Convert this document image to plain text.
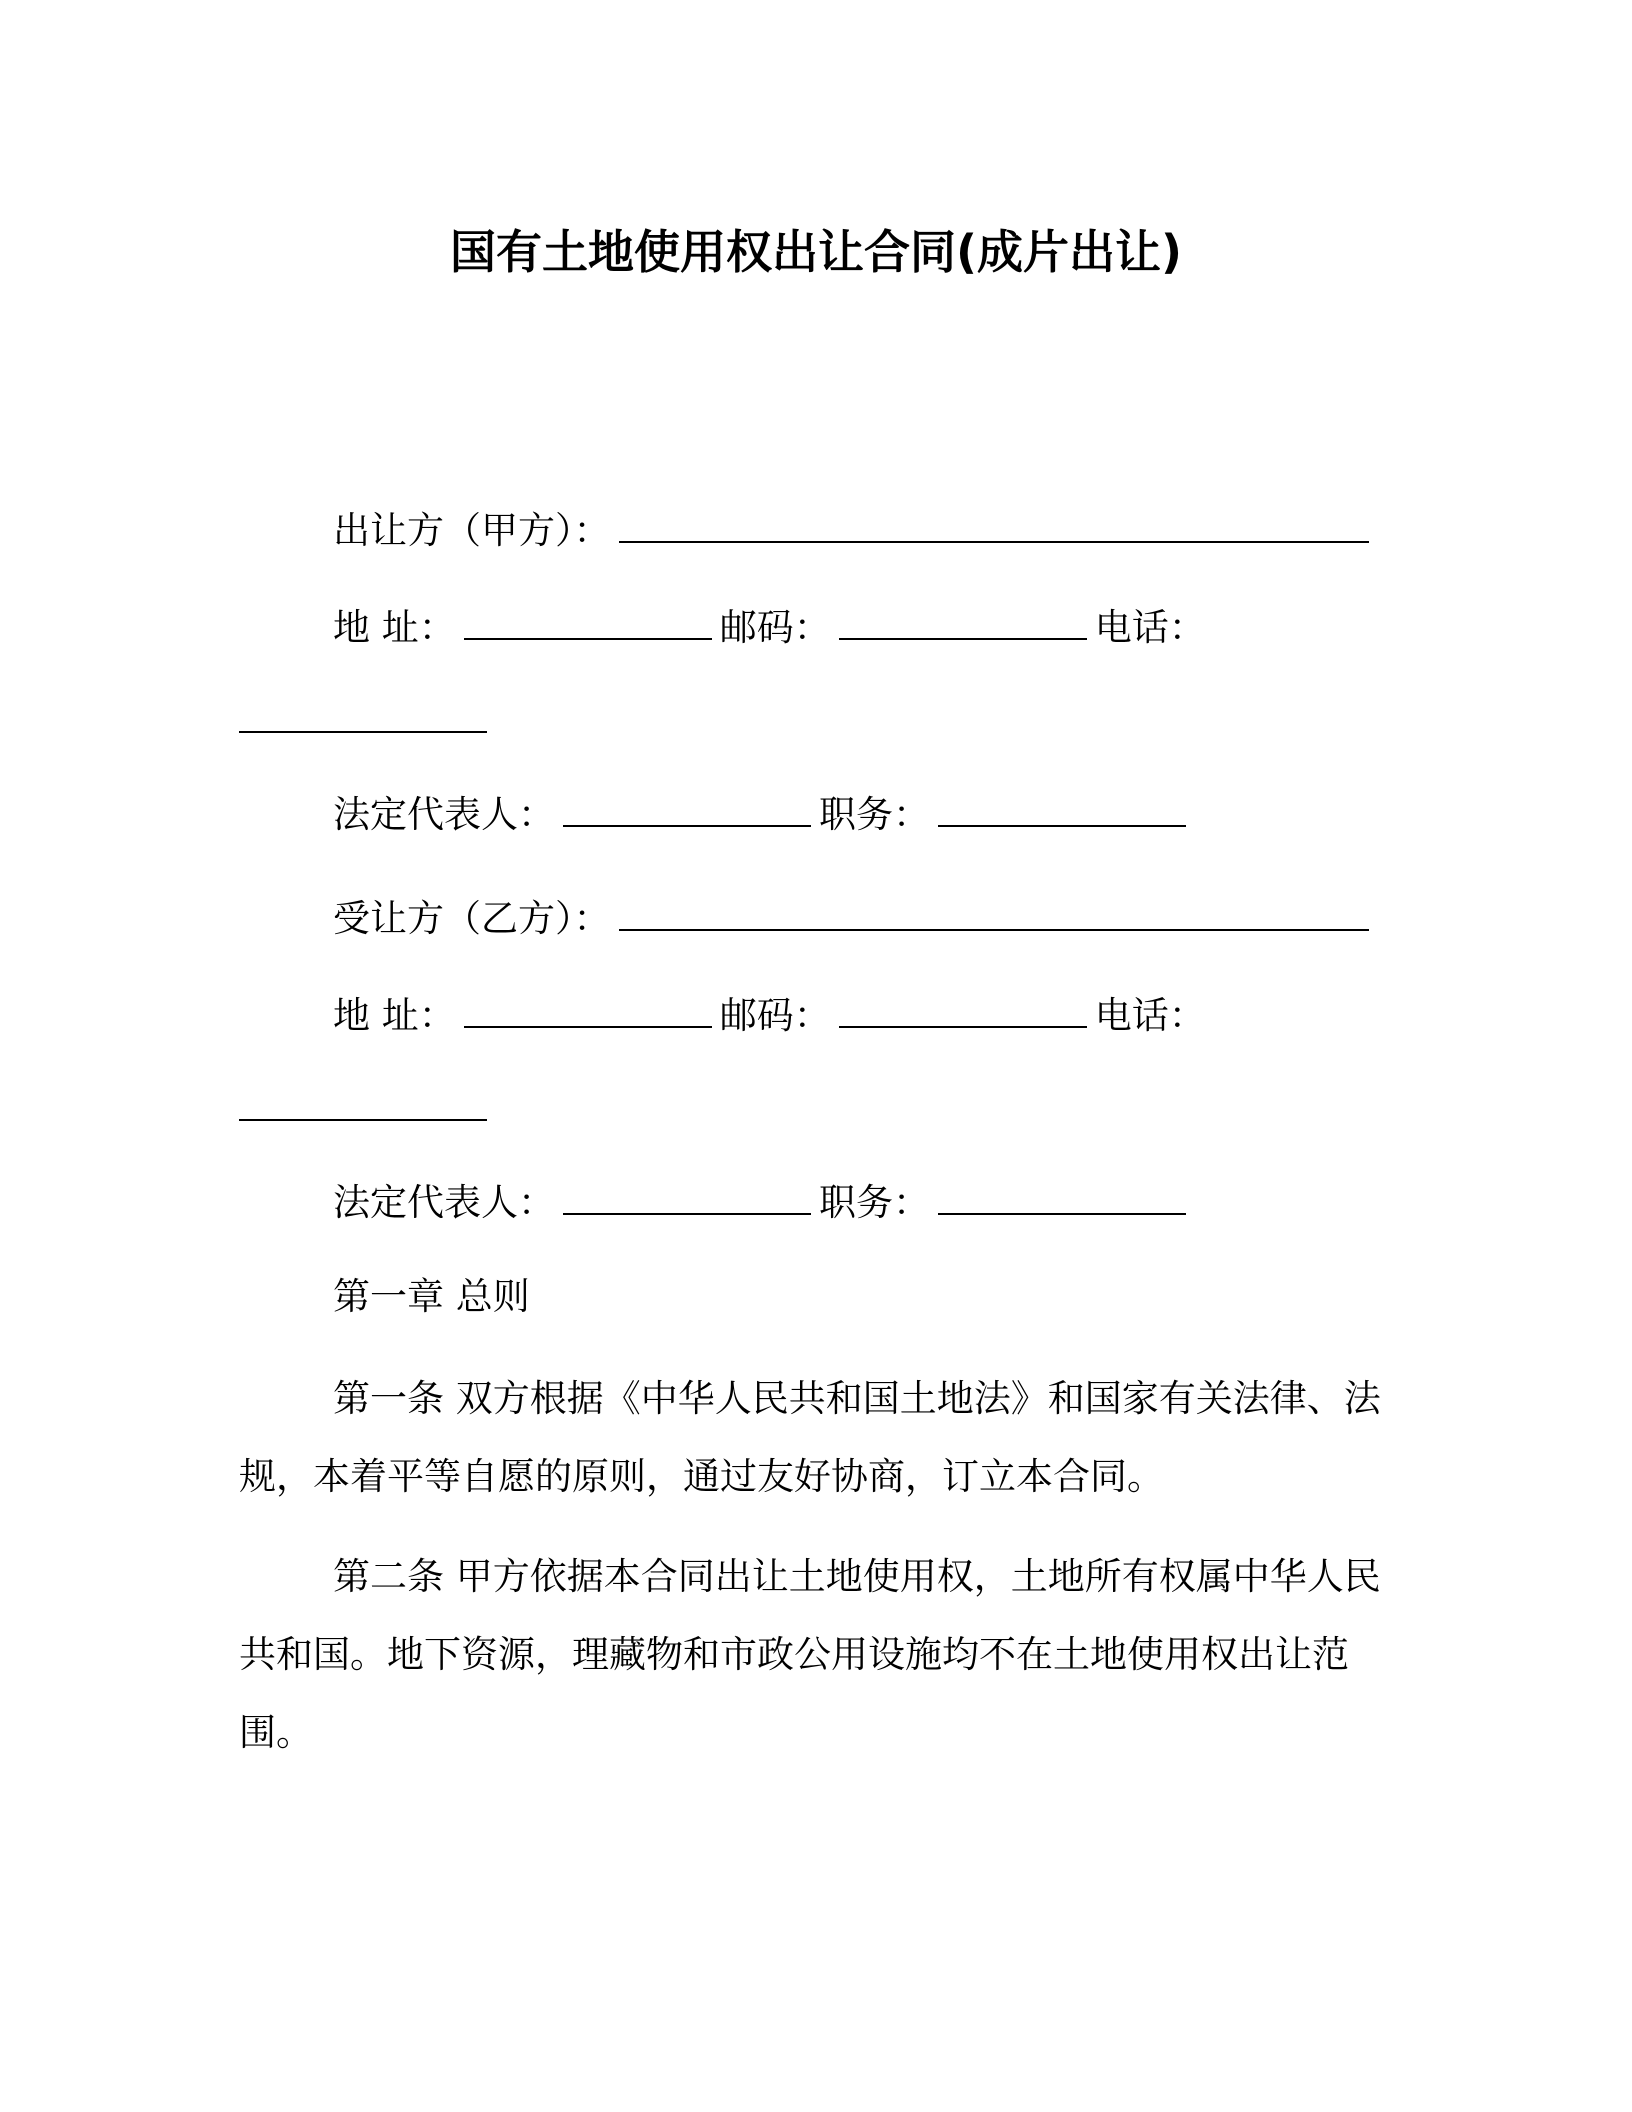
国有土地使用权出让合同(成片出让)
出让方（甲方）：
地 址：	邮码：	电话：
法定代表人：	职务：
受让方（乙方）：
地 址：	邮码：	电话：
法定代表人：	职务：
第一章 总则
第一条 双方根据《中华人民共和国土地法》和国家有关法律、法
规，本着平等自愿的原则，通过友好协商，订立本合同。
第二条 甲方依据本合同出让土地使用权，土地所有权属中华人民
共和国。地下资源，理藏物和市政公用设施均不在土地使用权出让范
围。
